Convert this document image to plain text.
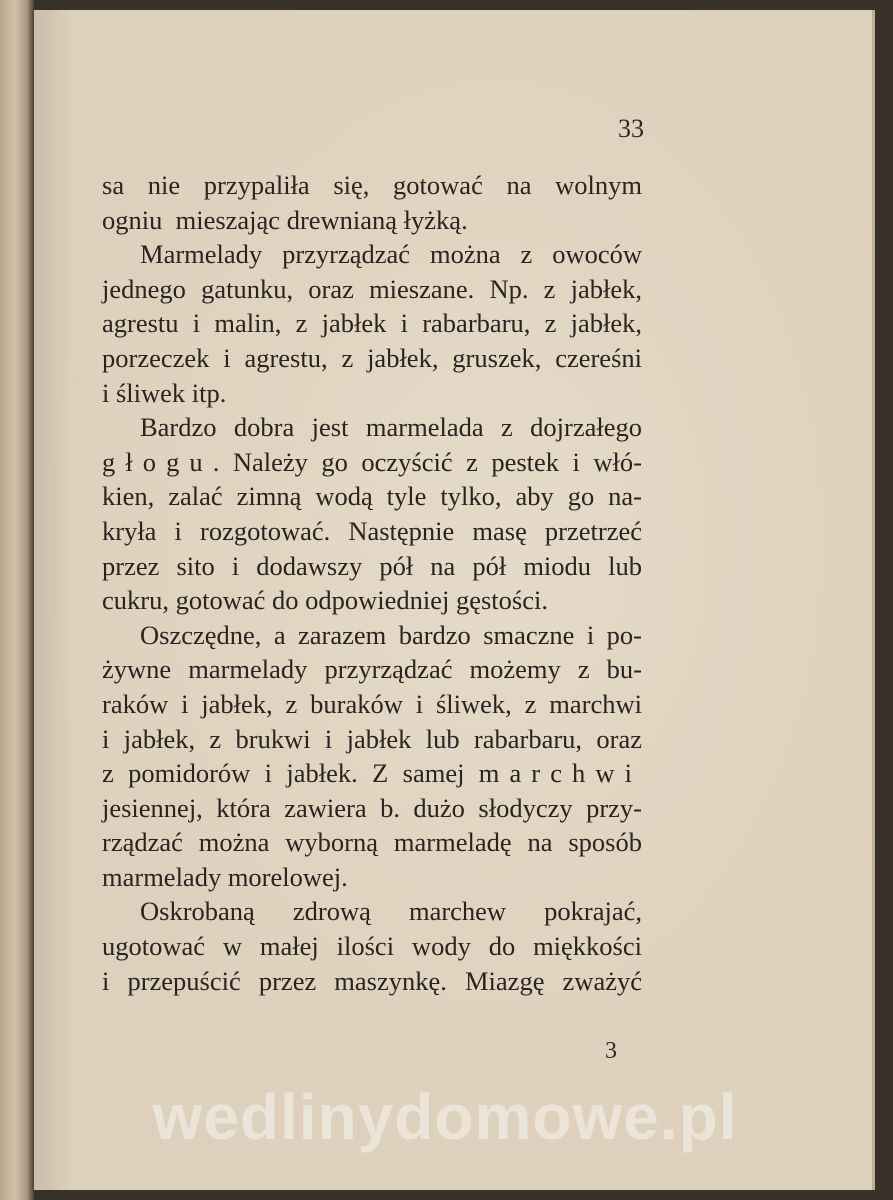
33
sa nie przypaliła się, gotować na wolnym
ogniu  mieszając drewnianą łyżką.
Marmelady przyrządzać można z owoców
jednego gatunku, oraz mieszane. Np. z jabłek,
agrestu i malin, z jabłek i rabarbaru, z jabłek,
porzeczek i agrestu, z jabłek, gruszek, czereśni
i śliwek itp.
Bardzo dobra jest marmelada z dojrzałego
głogu. Należy go oczyścić z pestek i włó-
kien, zalać zimną wodą tyle tylko, aby go na-
kryła i rozgotować. Następnie masę przetrzeć
przez sito i dodawszy pół na pół miodu lub
cukru, gotować do odpowiedniej gęstości.
Oszczędne, a zarazem bardzo smaczne i po-
żywne marmelady przyrządzać możemy z bu-
raków i jabłek, z buraków i śliwek, z marchwi
i jabłek, z brukwi i jabłek lub rabarbaru, oraz
z pomidorów i jabłek. Z samej marchwi
jesiennej, która zawiera b. dużo słodyczy przy-
rządzać można wyborną marmeladę na sposób
marmelady morelowej.
Oskrobaną zdrową marchew pokrajać,
ugotować w małej ilości wody do miękkości
i przepuścić przez maszynkę. Miazgę zważyć
3
wedlinydomowe.pl
